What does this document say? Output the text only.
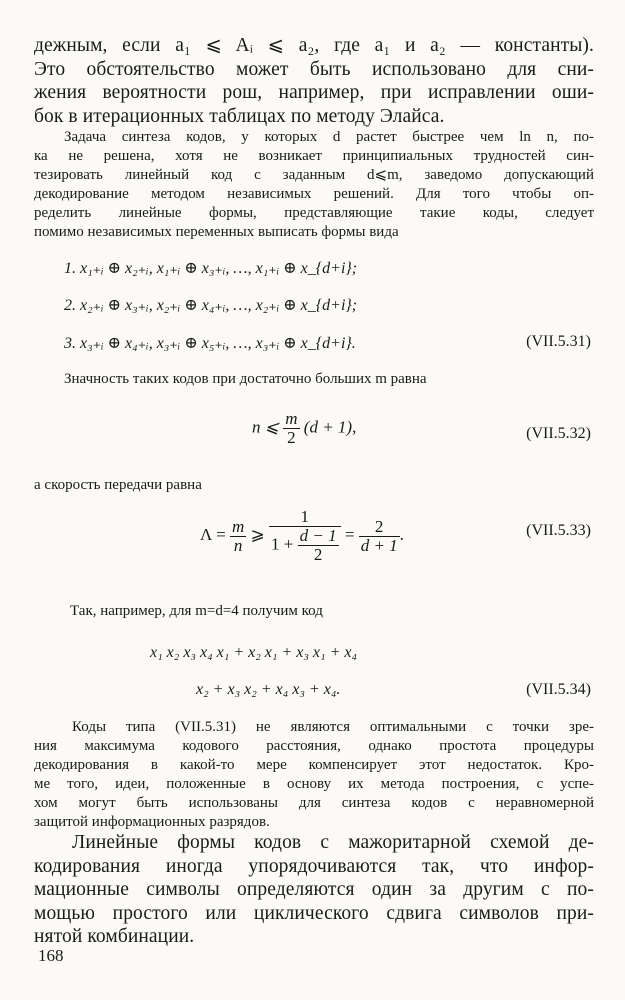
дежным, если a₁ ⩽ Aᵢ ⩽ a₂, где a₁ и a₂ — константы).
Это обстоятельство может быть использовано для сни-
жения вероятности pош, например, при исправлении оши-
бок в итерационных таблицах по методу Элайса.
Задача синтеза кодов, у которых d растет быстрее чем ln n, по-
ка не решена, хотя не возникает принципиальных трудностей син-
тезировать линейный код с заданным d⩽m, заведомо допускающий
декодирование методом независимых решений. Для того чтобы оп-
ределить линейные формы, представляющие такие коды, следует
помимо независимых переменных выписать формы вида
1. x₁₊ᵢ ⊕ x₂₊ᵢ, x₁₊ᵢ ⊕ x₃₊ᵢ, …, x₁₊ᵢ ⊕ x_{d+i};
2. x₂₊ᵢ ⊕ x₃₊ᵢ, x₂₊ᵢ ⊕ x₄₊ᵢ, …, x₂₊ᵢ ⊕ x_{d+i};
3. x₃₊ᵢ ⊕ x₄₊ᵢ, x₃₊ᵢ ⊕ x₅₊ᵢ, …, x₃₊ᵢ ⊕ x_{d+i}.	(VII.5.31)
Значность таких кодов при достаточно больших m равна
n ⩽ $\frac{m}{2} (d + 1)$,	(VII.5.32)
а скорость передачи равна
$\Lambda = \frac{m}{n}$ ⩾ $\frac{1}{1 + \frac{d - 1}{2}} = \frac{2}{d + 1}$ .	(VII.5.33)
Так, например, для m=d=4 получим код
x₁ x₂ x₃ x₄ x₁ + x₂ x₁ + x₃ x₁ + x₄
x₂ + x₃ x₂ + x₄ x₃ + x₄.	(VII.5.34)
Коды типа (VII.5.31) не являются оптимальными с точки зре-
ния максимума кодового расстояния, однако простота процедуры
декодирования в какой-то мере компенсирует этот недостаток. Кро-
ме того, идеи, положенные в основу их метода построения, с успе-
хом могут быть использованы для синтеза кодов с неравномерной
защитой информационных разрядов.
Линейные формы кодов с мажоритарной схемой де-
кодирования иногда упорядочиваются так, что инфор-
мационные символы определяются один за другим с по-
мощью простого или циклического сдвига символов при-
нятой комбинации.
168
